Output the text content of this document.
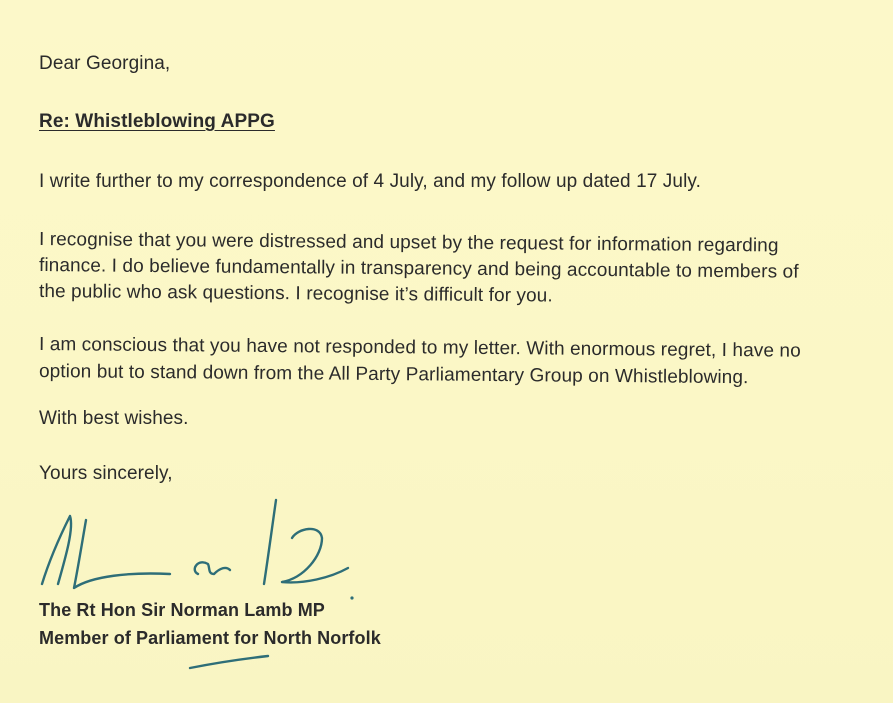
Dear Georgina,
Re: Whistleblowing APPG
I write further to my correspondence of 4 July, and my follow up dated 17 July.
I recognise that you were distressed and upset by the request for information regarding
finance. I do believe fundamentally in transparency and being accountable to members of
the public who ask questions. I recognise it’s difficult for you.
I am conscious that you have not responded to my letter. With enormous regret, I have no
option but to stand down from the All Party Parliamentary Group on Whistleblowing.
With best wishes.
Yours sincerely,
The Rt Hon Sir Norman Lamb MP
Member of Parliament for North Norfolk
